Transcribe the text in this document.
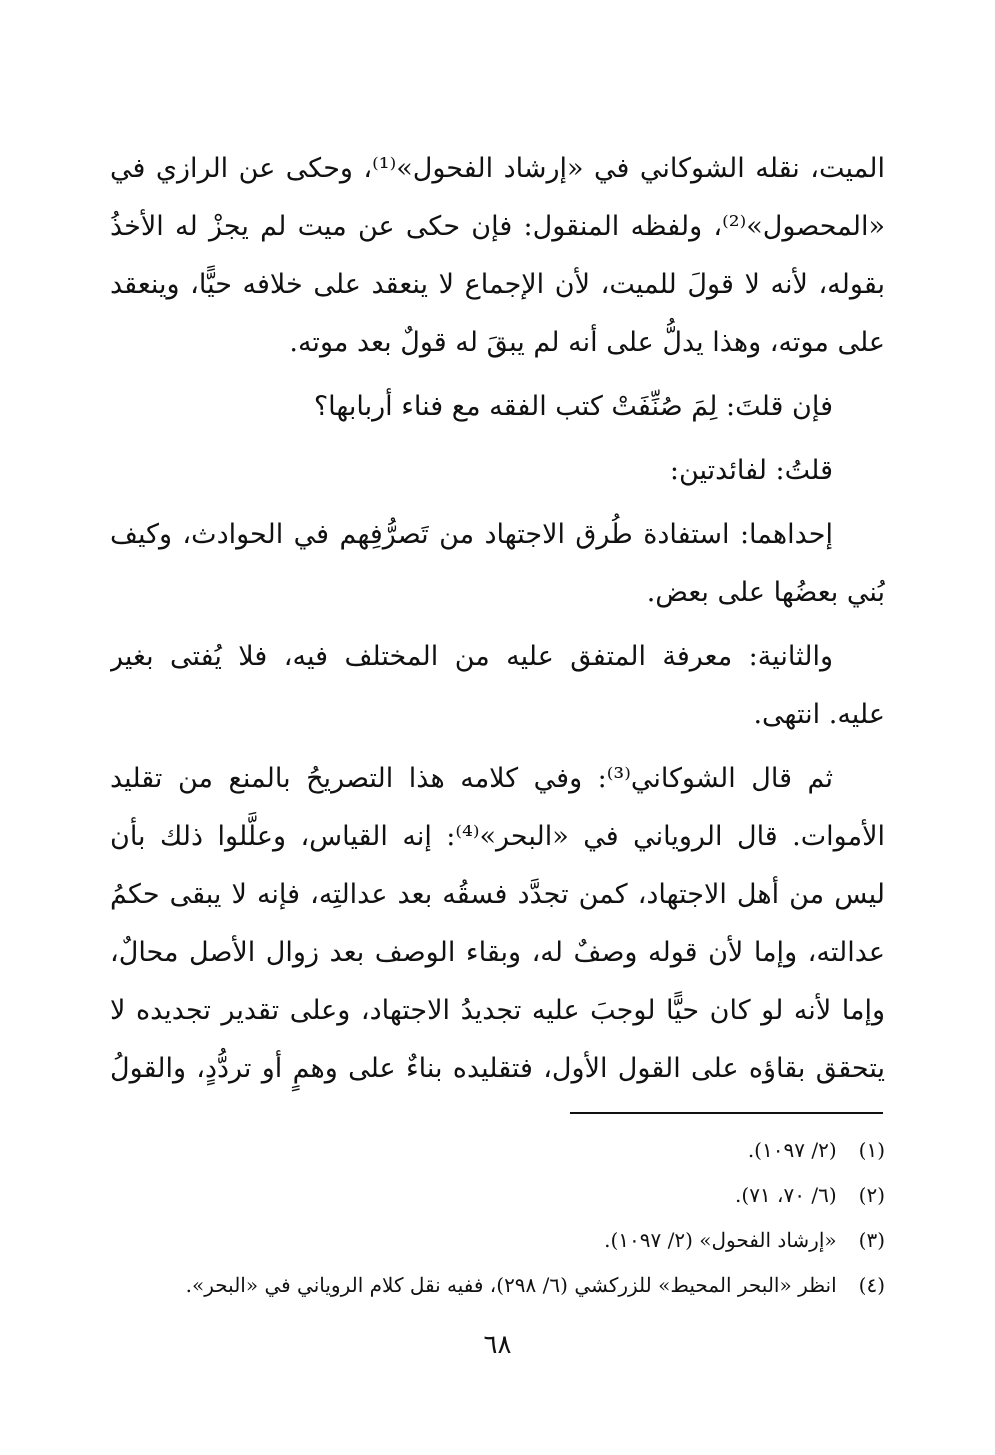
الميت، نقله الشوكاني في «إرشاد الفحول»⁽¹⁾، وحكى عن الرازي في
«المحصول»⁽²⁾، ولفظه المنقول: فإن حكى عن ميت لم يجزْ له الأخذُ
بقوله، لأنه لا قولَ للميت، لأن الإجماع لا ينعقد على خلافه حيًّا، وينعقد
على موته، وهذا يدلُّ على أنه لم يبقَ له قولٌ بعد موته.
فإن قلتَ: لِمَ صُنِّفَتْ كتب الفقه مع فناء أربابها؟
قلتُ: لفائدتين:
إحداهما: استفادة طُرق الاجتهاد من تَصرُّفِهم في الحوادث، وكيف
بُني بعضُها على بعض.
والثانية: معرفة المتفق عليه من المختلف فيه، فلا يُفتى بغير
عليه. انتهى.
ثم قال الشوكاني⁽³⁾: وفي كلامه هذا التصريحُ بالمنع من تقليد
الأموات. قال الروياني في «البحر»⁽⁴⁾: إنه القياس، وعلَّلوا ذلك بأن
ليس من أهل الاجتهاد، كمن تجدَّد فسقُه بعد عدالتِه، فإنه لا يبقى حكمُ
عدالته، وإما لأن قوله وصفٌ له، وبقاء الوصف بعد زوال الأصل محالٌ،
وإما لأنه لو كان حيًّا لوجبَ عليه تجديدُ الاجتهاد، وعلى تقدير تجديده لا
يتحقق بقاؤه على القول الأول، فتقليده بناءٌ على وهمٍ أو تردُّدٍ، والقولُ
(١) (٢/ ١٠٩٧).
(٢) (٦/ ٧٠، ٧١).
(٣) «إرشاد الفحول» (٢/ ١٠٩٧).
(٤) انظر «البحر المحيط» للزركشي (٦/ ٢٩٨)، ففيه نقل كلام الروياني في «البحر».
٦٨
